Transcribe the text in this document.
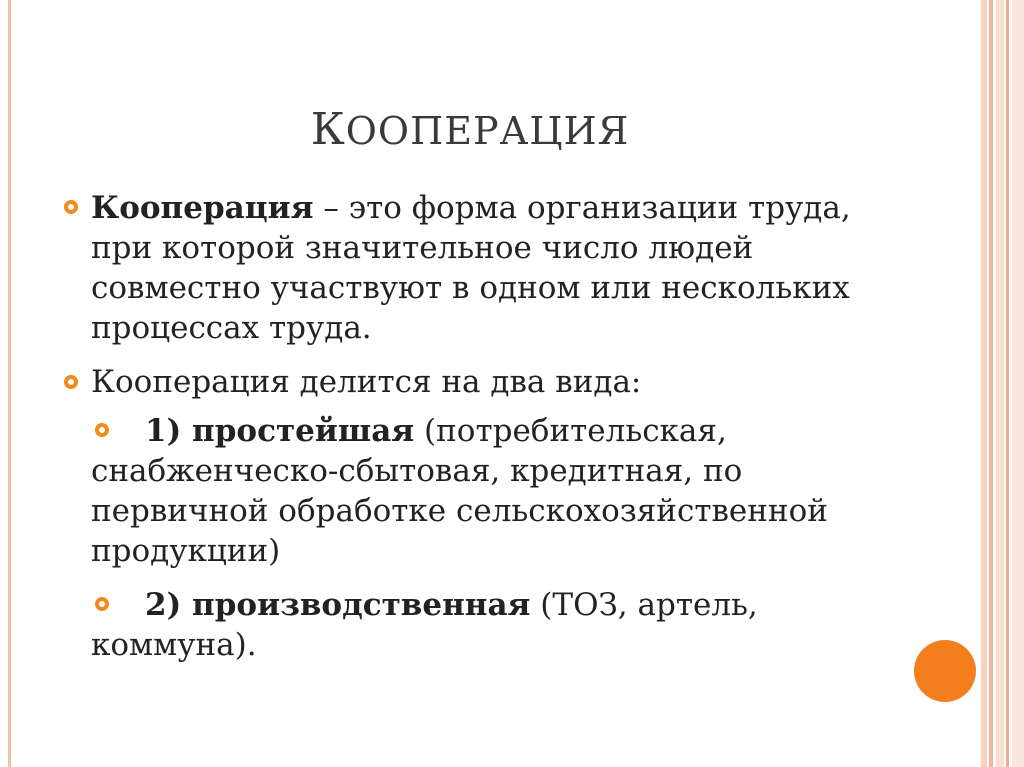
КООПЕРАЦИЯ
Кооперация – это форма организации труда,
при которой значительное число людей
совместно участвуют в одном или нескольких
процессах труда.
Кооперация делится на два вида:
1) простейшая (потребительская,
снабженческо-сбытовая, кредитная, по
первичной обработке сельскохозяйственной
продукции)
2) производственная (ТОЗ, артель,
коммуна).
